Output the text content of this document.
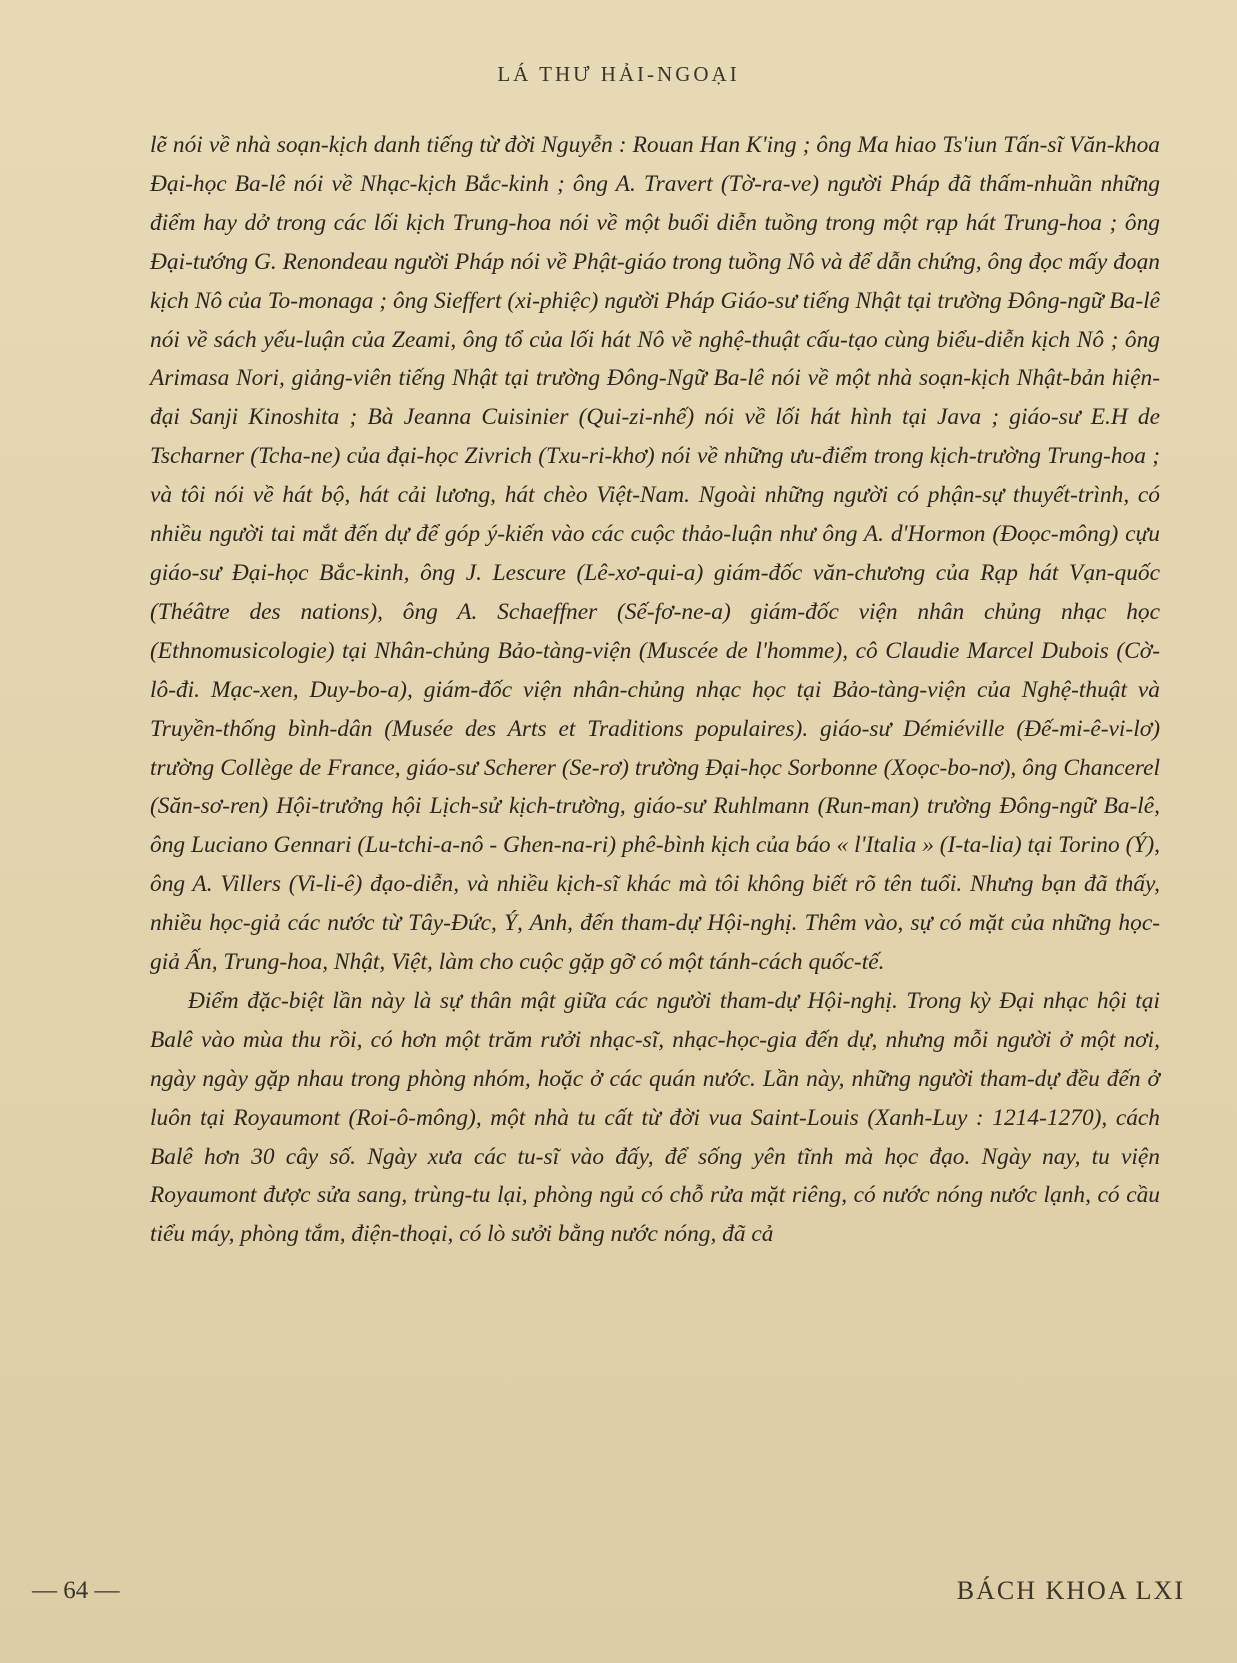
LÁ THƯ HẢI-NGOẠI

lẽ nói về nhà soạn-kịch danh tiếng từ đời Nguyễn : Rouan Han K'ing ; ông Ma hiao Ts'iun Tấn-sĩ Văn-khoa Đại-học Ba-lê nói về Nhạc-kịch Bắc-kinh ; ông A. Travert (Tờ-ra-ve) người Pháp đã thấm-nhuần những điểm hay dở trong các lối kịch Trung-hoa nói về một buổi diễn tuồng trong một rạp hát Trung-hoa ; ông Đại-tướng G. Renondeau người Pháp nói về Phật-giáo trong tuồng Nô và để dẫn chứng, ông đọc mấy đoạn kịch Nô của To-monaga ; ông Sieffert (xi-phiệc) người Pháp Giáo-sư tiếng Nhật tại trường Đông-ngữ Ba-lê nói về sách yếu-luận của Zeami, ông tổ của lối hát Nô về nghệ-thuật cấu-tạo cùng biểu-diễn kịch Nô ; ông Arimasa Nori, giảng-viên tiếng Nhật tại trường Đông-Ngữ Ba-lê nói về một nhà soạn-kịch Nhật-bản hiện-đại Sanji Kinoshita ; Bà Jeanna Cuisinier (Qui-zi-nhế) nói về lối hát hình tại Java ; giáo-sư E.H de Tscharner (Tcha-ne) của đại-học Zivrich (Txu-ri-khơ) nói về những ưu-điểm trong kịch-trường Trung-hoa ; và tôi nói về hát bộ, hát cải lương, hát chèo Việt-Nam. Ngoài những người có phận-sự thuyết-trình, có nhiều người tai mắt đến dự để góp ý-kiến vào các cuộc thảo-luận như ông A. d'Hormon (Đoọc-mông) cựu giáo-sư Đại-học Bắc-kinh, ông J. Lescure (Lê-xơ-qui-a) giám-đốc văn-chương của Rạp hát Vạn-quốc (Théâtre des nations), ông A. Schaeffner (Sế-fơ-ne-a) giám-đốc viện nhân chủng nhạc học (Ethnomusicologie) tại Nhân-chủng Bảo-tàng-viện (Muscée de l'homme), cô Claudie Marcel Dubois (Cờ-lô-đi. Mạc-xen, Duy-bo-a), giám-đốc viện nhân-chủng nhạc học tại Bảo-tàng-viện của Nghệ-thuật và Truyền-thống bình-dân (Musée des Arts et Traditions populaires). giáo-sư Démiéville (Đế-mi-ê-vi-lơ) trường Collège de France, giáo-sư Scherer (Se-rơ) trường Đại-học Sorbonne (Xoọc-bo-nơ), ông Chancerel (Săn-sơ-ren) Hội-trưởng hội Lịch-sử kịch-trường, giáo-sư Ruhlmann (Run-man) trường Đông-ngữ Ba-lê, ông Luciano Gennari (Lu-tchi-a-nô - Ghen-na-ri) phê-bình kịch của báo « l'Italia » (I-ta-lia) tại Torino (Ý), ông A. Villers (Vi-li-ê) đạo-diễn, và nhiều kịch-sĩ khác mà tôi không biết rõ tên tuổi. Nhưng bạn đã thấy, nhiều học-giả các nước từ Tây-Đức, Ý, Anh, đến tham-dự Hội-nghị. Thêm vào, sự có mặt của những học-giả Ấn, Trung-hoa, Nhật, Việt, làm cho cuộc gặp gỡ có một tánh-cách quốc-tế.

Điểm đặc-biệt lần này là sự thân mật giữa các người tham-dự Hội-nghị. Trong kỳ Đại nhạc hội tại Balê vào mùa thu rồi, có hơn một trăm rưởi nhạc-sĩ, nhạc-học-gia đến dự, nhưng mỗi người ở một nơi, ngày ngày gặp nhau trong phòng nhóm, hoặc ở các quán nước. Lần này, những người tham-dự đều đến ở luôn tại Royaumont (Roi-ô-mông), một nhà tu cất từ đời vua Saint-Louis (Xanh-Luy : 1214-1270), cách Balê hơn 30 cây số. Ngày xưa các tu-sĩ vào đấy, để sống yên tĩnh mà học đạo. Ngày nay, tu viện Royaumont được sửa sang, trùng-tu lại, phòng ngủ có chỗ rửa mặt riêng, có nước nóng nước lạnh, có cầu tiểu máy, phòng tắm, điện-thoại, có lò sưởi bằng nước nóng, đã cả

— 64 —	BÁCH KHOA LXI
